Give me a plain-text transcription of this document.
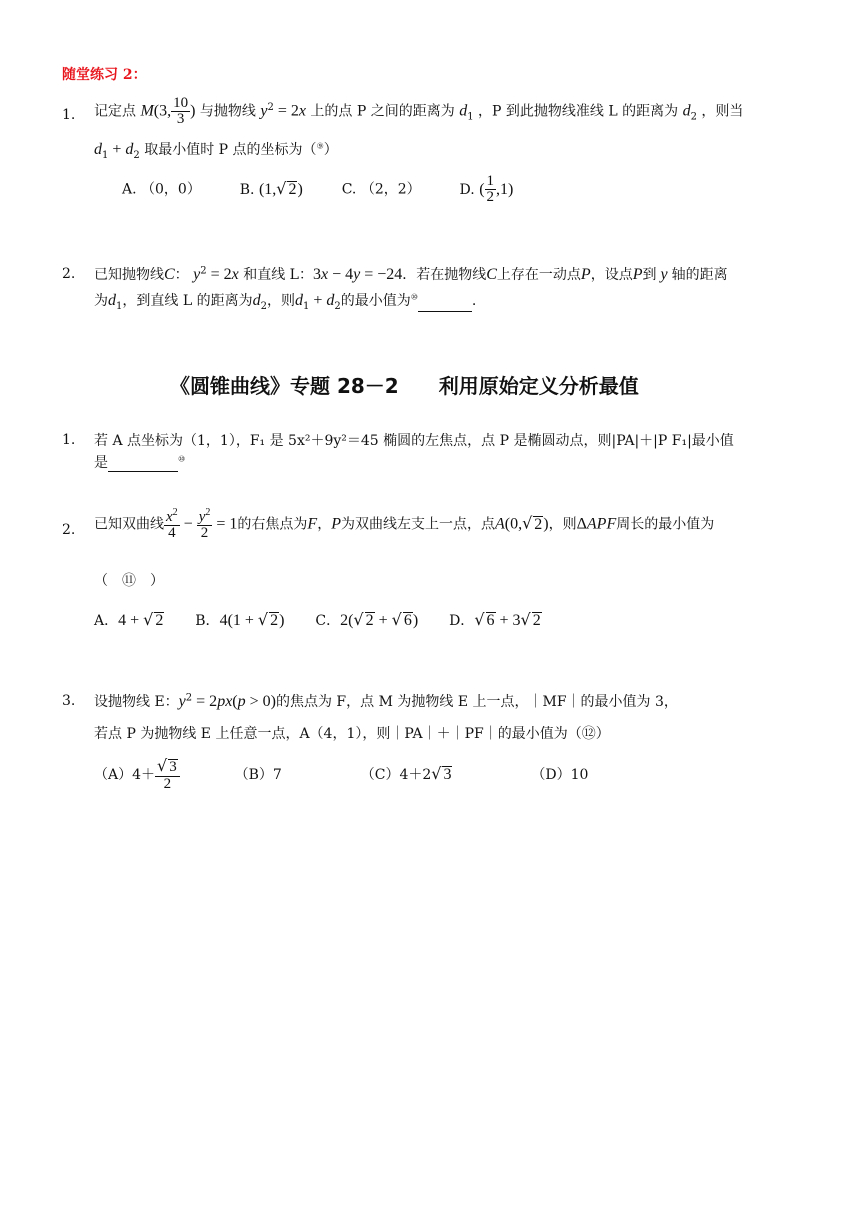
随堂练习 2：
1. 记定点 M(3, $\frac{10}{3}$ ) 与抛物线 $y^2 = 2x$ 上的点 P 之间的距离为 $d_1$ ，P 到此抛物线准线 L 的距离为 $d_2$ ，则当
$d_1 + d_2$ 取最小值时 P 点的坐标为（⑨）
A. （0，0）	B. (1,√ 2)	C. （2，2）	D. ( $\frac{1}{2} ,1$)
2. 已知抛物线C： $y^2 = 2x$ 和直线 L：3x − 4y = −24．若在抛物线C上存在一动点P，设点P到 y 轴的距离
为$d_1$，到直线 L 的距离为$d_2$，则$d_1 + d_2$的最小值为⑩	.
《圆锥曲线》专题 28－2　　利用原始定义分析最值
1. 若 A 点坐标为（1，1），F₁ 是 5x²＋9y²＝45 椭圆的左焦点，点 P 是椭圆动点，则|PA|＋|P F₁|最小值
是	⑩
2. 已知双曲线 $\frac{x^2}{4} - \frac{y^2}{2} = 1$的右焦点为F，P为双曲线左支上一点，点A(0,√ 2)，则ΔAPF周长的最小值为
（　⑪　）
A．4 + √ 2 B．4(1 + √ 2) C．2(√ 2 + √ 6) D．√ 6 + 3√ 2
3. 设抛物线 E：$y^2 = 2px(p > 0)$的焦点为 F，点 M 为抛物线 E 上一点，｜MF｜的最小值为 3，
若点 P 为抛物线 E 上任意一点，A（4，1），则｜PA｜＋｜PF｜的最小值为（⑫）
$(A)4+ \frac{√ 3}{2}$	（B）7	（C）4＋2√ 3	（D）10
